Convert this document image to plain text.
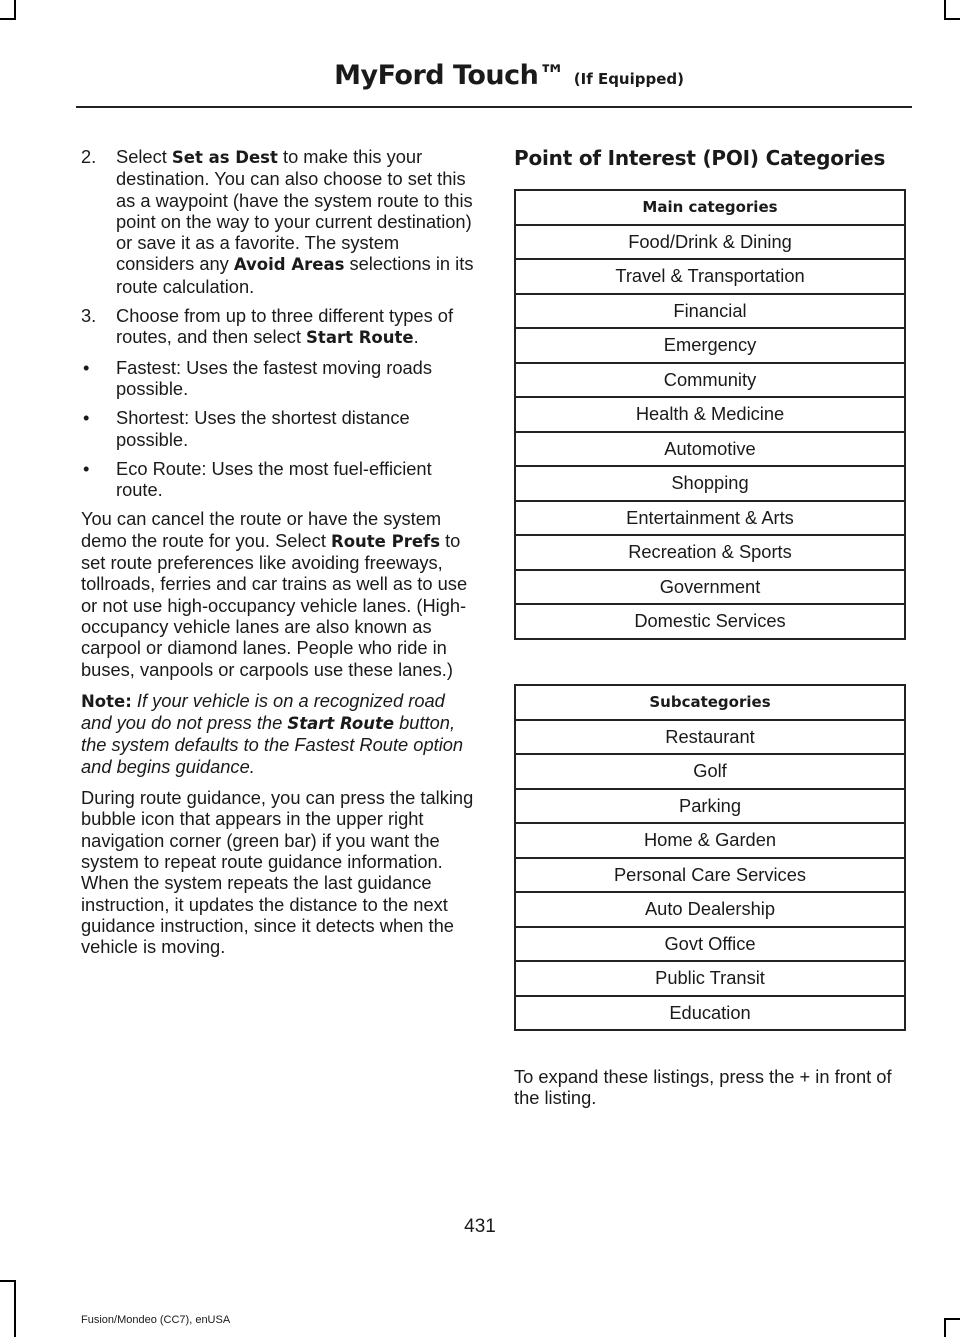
MyFord Touch™ (If Equipped)
2. Select Set as Dest to make this your destination. You can also choose to set this as a waypoint (have the system route to this point on the way to your current destination) or save it as a favorite. The system considers any Avoid Areas selections in its route calculation.
3. Choose from up to three different types of routes, and then select Start Route.
• Fastest: Uses the fastest moving roads possible.
• Shortest: Uses the shortest distance possible.
• Eco Route: Uses the most fuel-efficient route.

You can cancel the route or have the system demo the route for you. Select Route Prefs to set route preferences like avoiding freeways, tollroads, ferries and car trains as well as to use or not use high-occupancy vehicle lanes. (High-occupancy vehicle lanes are also known as carpool or diamond lanes. People who ride in buses, vanpools or carpools use these lanes.)

Note: If your vehicle is on a recognized road and you do not press the Start Route button, the system defaults to the Fastest Route option and begins guidance.

During route guidance, you can press the talking bubble icon that appears in the upper right navigation corner (green bar) if you want the system to repeat route guidance information. When the system repeats the last guidance instruction, it updates the distance to the next guidance instruction, since it detects when the vehicle is moving.

Point of Interest (POI) Categories
Main categories
Food/Drink & Dining
Travel & Transportation
Financial
Emergency
Community
Health & Medicine
Automotive
Shopping
Entertainment & Arts
Recreation & Sports
Government
Domestic Services
Subcategories
Restaurant
Golf
Parking
Home & Garden
Personal Care Services
Auto Dealership
Govt Office
Public Transit
Education

To expand these listings, press the + in front of the listing.

431
Fusion/Mondeo (CC7), enUSA
